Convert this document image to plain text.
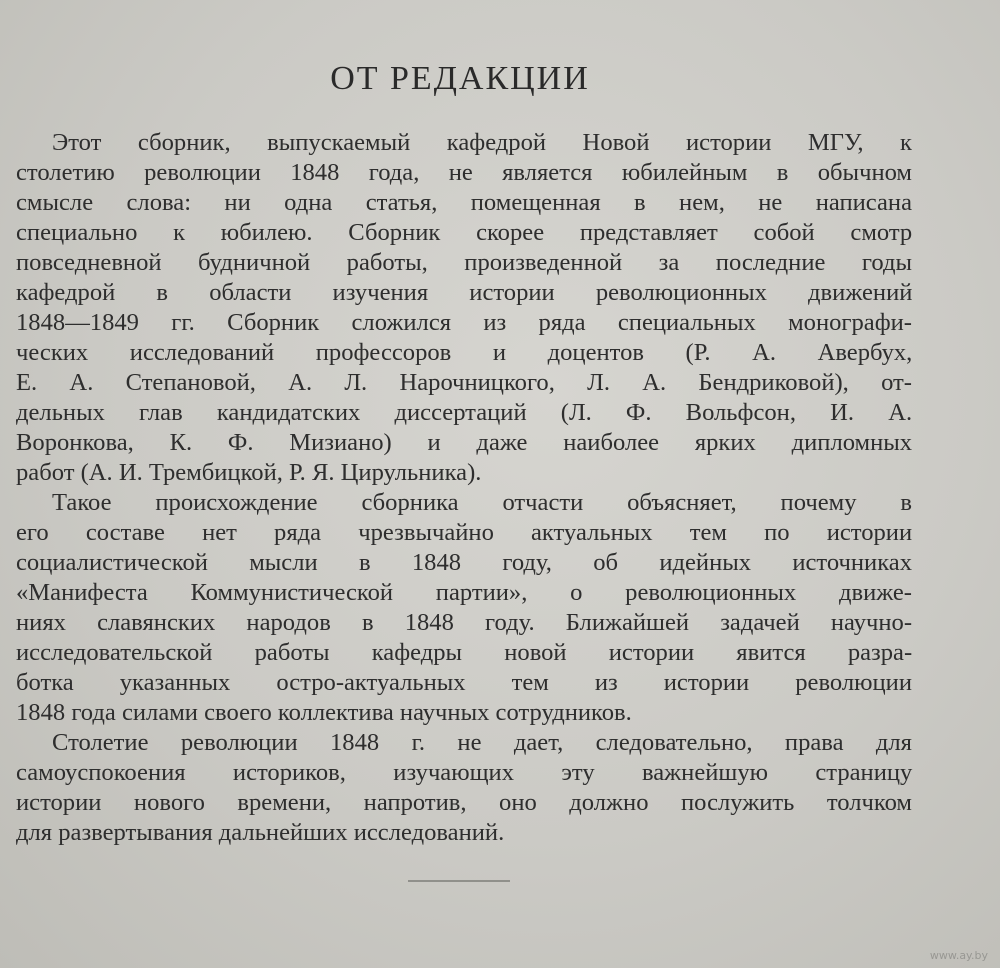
ОТ РЕДАКЦИИ

Этот сборник, выпускаемый кафедрой Новой истории МГУ, к
столетию революции 1848 года, не является юбилейным в обычном
смысле слова: ни одна статья, помещенная в нем, не написана
специально к юбилею. Сборник скорее представляет собой смотр
повседневной будничной работы, произведенной за последние годы
кафедрой в области изучения истории революционных движений
1848—1849 гг. Сборник сложился из ряда специальных монографи-
ческих исследований профессоров и доцентов (Р. А. Авербух,
Е. А. Степановой, А. Л. Нарочницкого, Л. А. Бендриковой), от-
дельных глав кандидатских диссертаций (Л. Ф. Вольфсон, И. А.
Воронкова, К. Ф. Мизиано) и даже наиболее ярких дипломных
работ (А. И. Трембицкой, Р. Я. Цирульника).

Такое происхождение сборника отчасти объясняет, почему в
его составе нет ряда чрезвычайно актуальных тем по истории
социалистической мысли в 1848 году, об идейных источниках
«Манифеста Коммунистической партии», о революционных движе-
ниях славянских народов в 1848 году. Ближайшей задачей научно-
исследовательской работы кафедры новой истории явится разра-
ботка указанных остро-актуальных тем из истории революции
1848 года силами своего коллектива научных сотрудников.

Столетие революции 1848 г. не дает, следовательно, права для
самоуспокоения историков, изучающих эту важнейшую страницу
истории нового времени, напротив, оно должно послужить толчком
для развертывания дальнейших исследований.

www.ay.by
